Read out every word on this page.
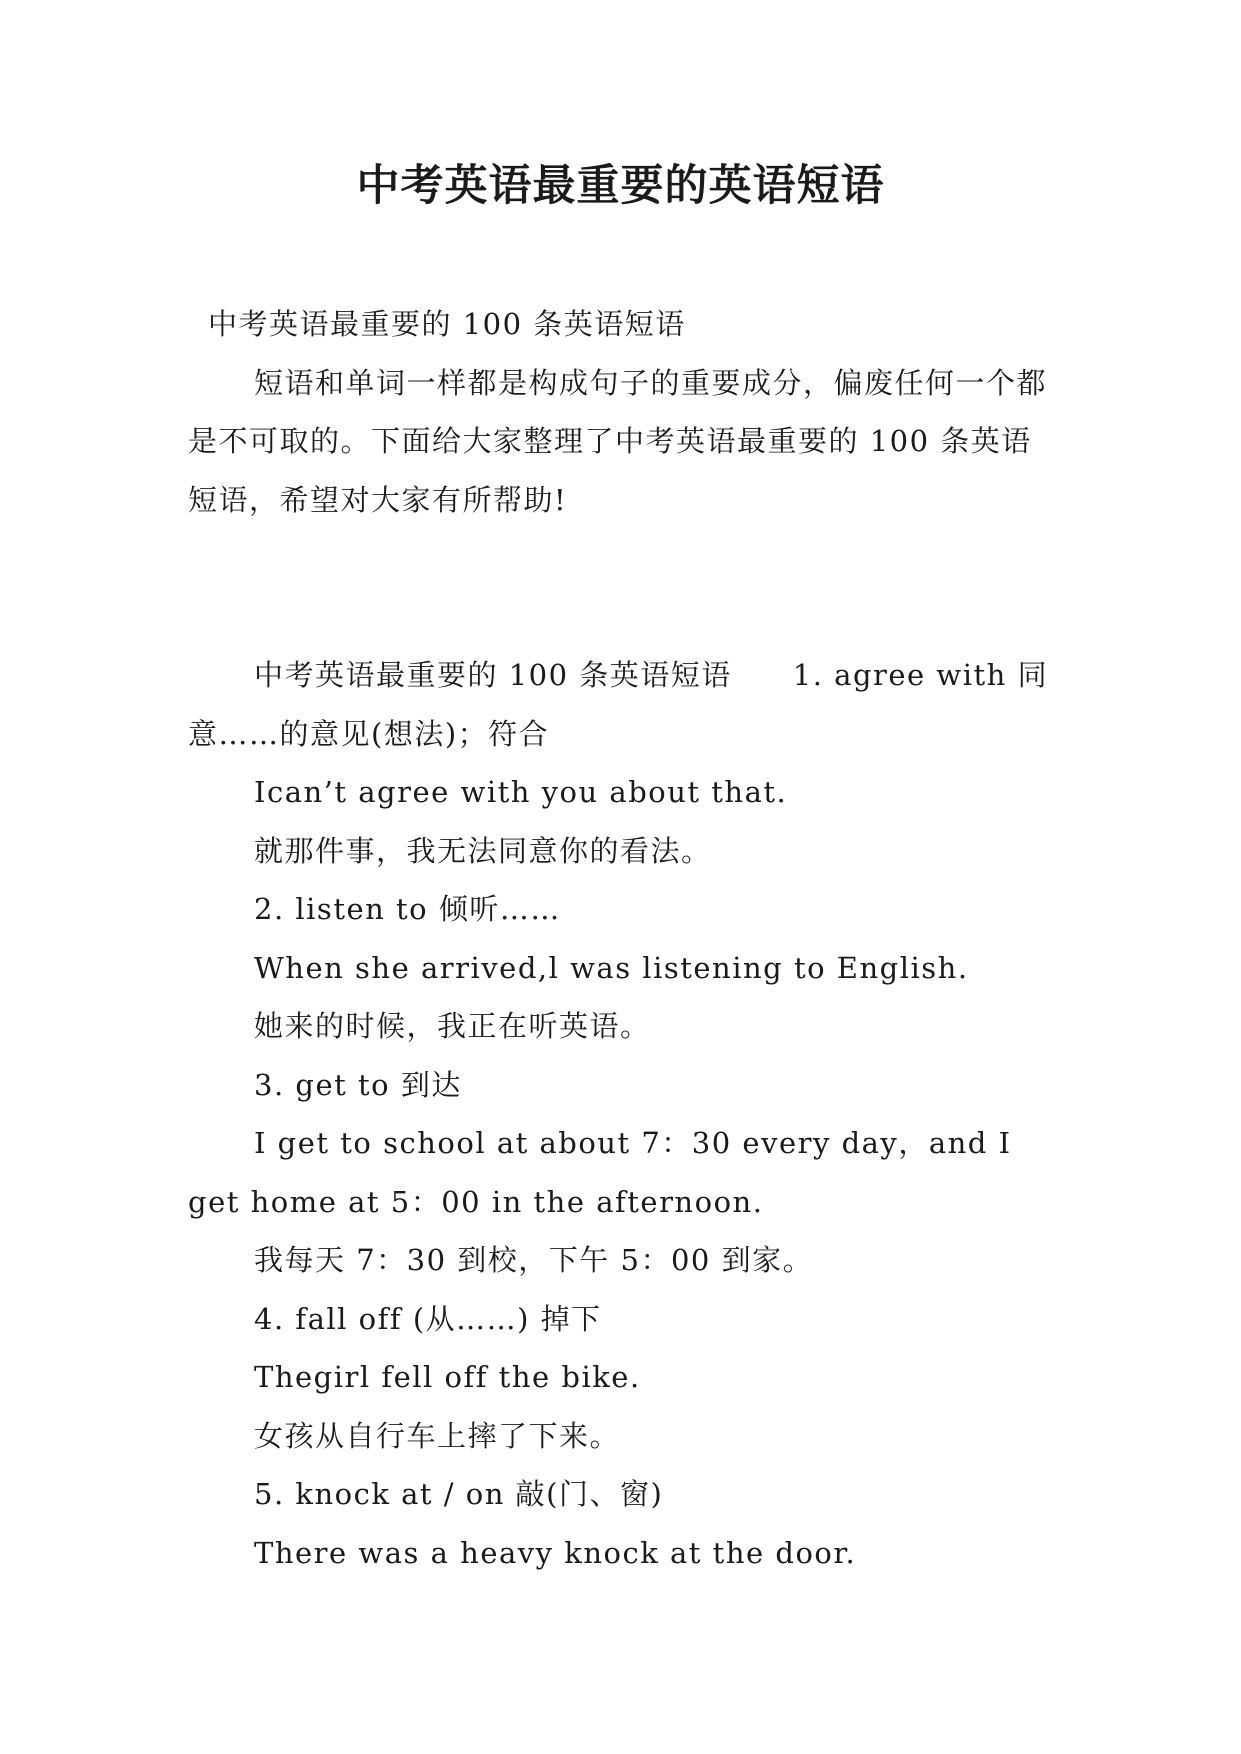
中考英语最重要的英语短语

中考英语最重要的 100 条英语短语

短语和单词一样都是构成句子的重要成分，偏废任何一个都是不可取的。下面给大家整理了中考英语最重要的 100 条英语短语，希望对大家有所帮助!

中考英语最重要的 100 条英语短语　　1. agree with 同意……的意见(想法)；符合

Ican’t agree with you about that.

就那件事，我无法同意你的看法。

2. listen to 倾听……

When she arrived,l was listening to English.

她来的时候，我正在听英语。

3. get to 到达

I get to school at about 7：30 every day，and I get home at 5：00 in the afternoon.

我每天 7：30 到校，下午 5：00 到家。

4. fall off (从……) 掉下

Thegirl fell off the bike.

女孩从自行车上摔了下来。

5. knock at / on 敲(门、窗)

There was a heavy knock at the door.
